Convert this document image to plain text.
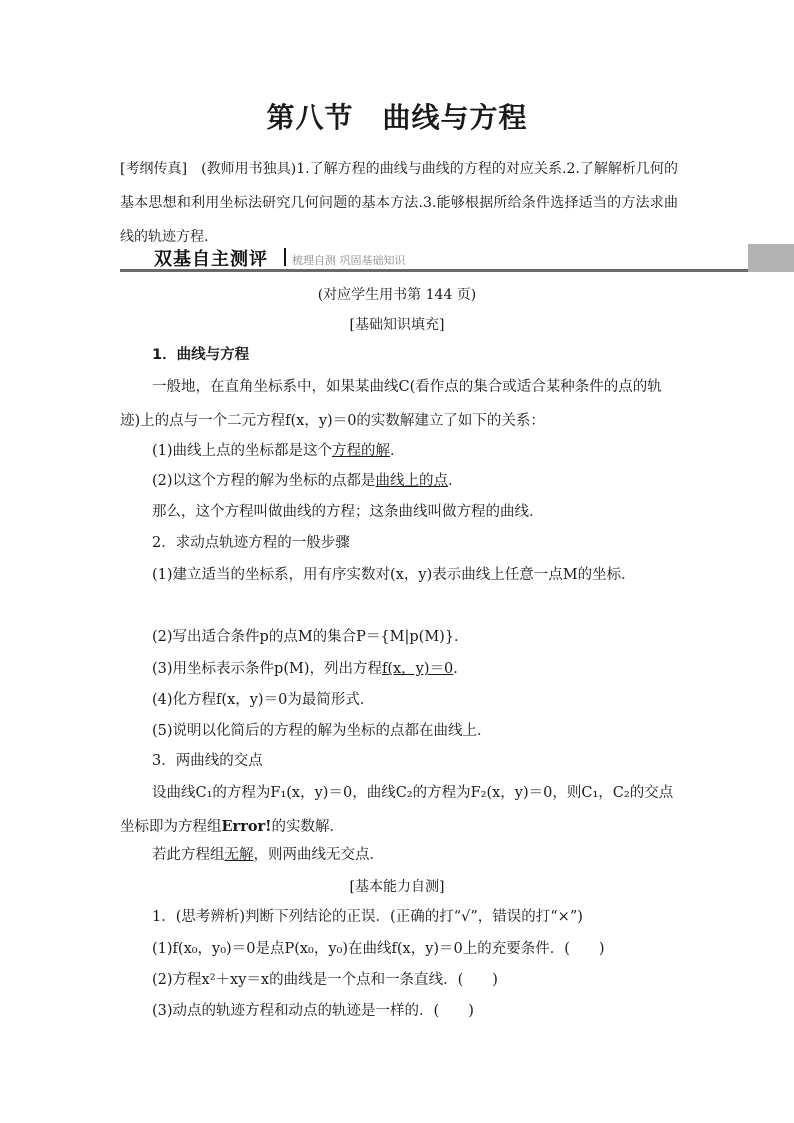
第八节　曲线与方程
[考纲传真]　(教师用书独具)1.了解方程的曲线与曲线的方程的对应关系.2.了解解析几何的基本思想和利用坐标法研究几何问题的基本方法.3.能够根据所给条件选择适当的方法求曲线的轨迹方程.
双基自主测评 梳理自测 巩固基础知识
(对应学生用书第 144 页)
[基础知识填充]
1．曲线与方程
一般地，在直角坐标系中，如果某曲线C(看作点的集合或适合某种条件的点的轨迹)上的点与一个二元方程f(x，y)＝0的实数解建立了如下的关系：
(1)曲线上点的坐标都是这个方程的解．
(2)以这个方程的解为坐标的点都是曲线上的点．
那么，这个方程叫做曲线的方程；这条曲线叫做方程的曲线．
2．求动点轨迹方程的一般步骤
(1)建立适当的坐标系，用有序实数对(x，y)表示曲线上任意一点M的坐标．
(2)写出适合条件p的点M的集合P＝{M|p(M)}．
(3)用坐标表示条件p(M)，列出方程f(x，y)＝0．
(4)化方程f(x，y)＝0为最简形式．
(5)说明以化简后的方程的解为坐标的点都在曲线上．
3．两曲线的交点
设曲线C₁的方程为F₁(x，y)＝0，曲线C₂的方程为F₂(x，y)＝0，则C₁，C₂的交点坐标即为方程组Error!的实数解．
若此方程组无解，则两曲线无交点．
[基本能力自测]
1．(思考辨析)判断下列结论的正误．(正确的打“√”，错误的打“×”)
(1)f(x₀，y₀)＝0是点P(x₀，y₀)在曲线f(x，y)＝0上的充要条件．(　　)
(2)方程x²＋xy＝x的曲线是一个点和一条直线．(　　)
(3)动点的轨迹方程和动点的轨迹是一样的．(　　)
